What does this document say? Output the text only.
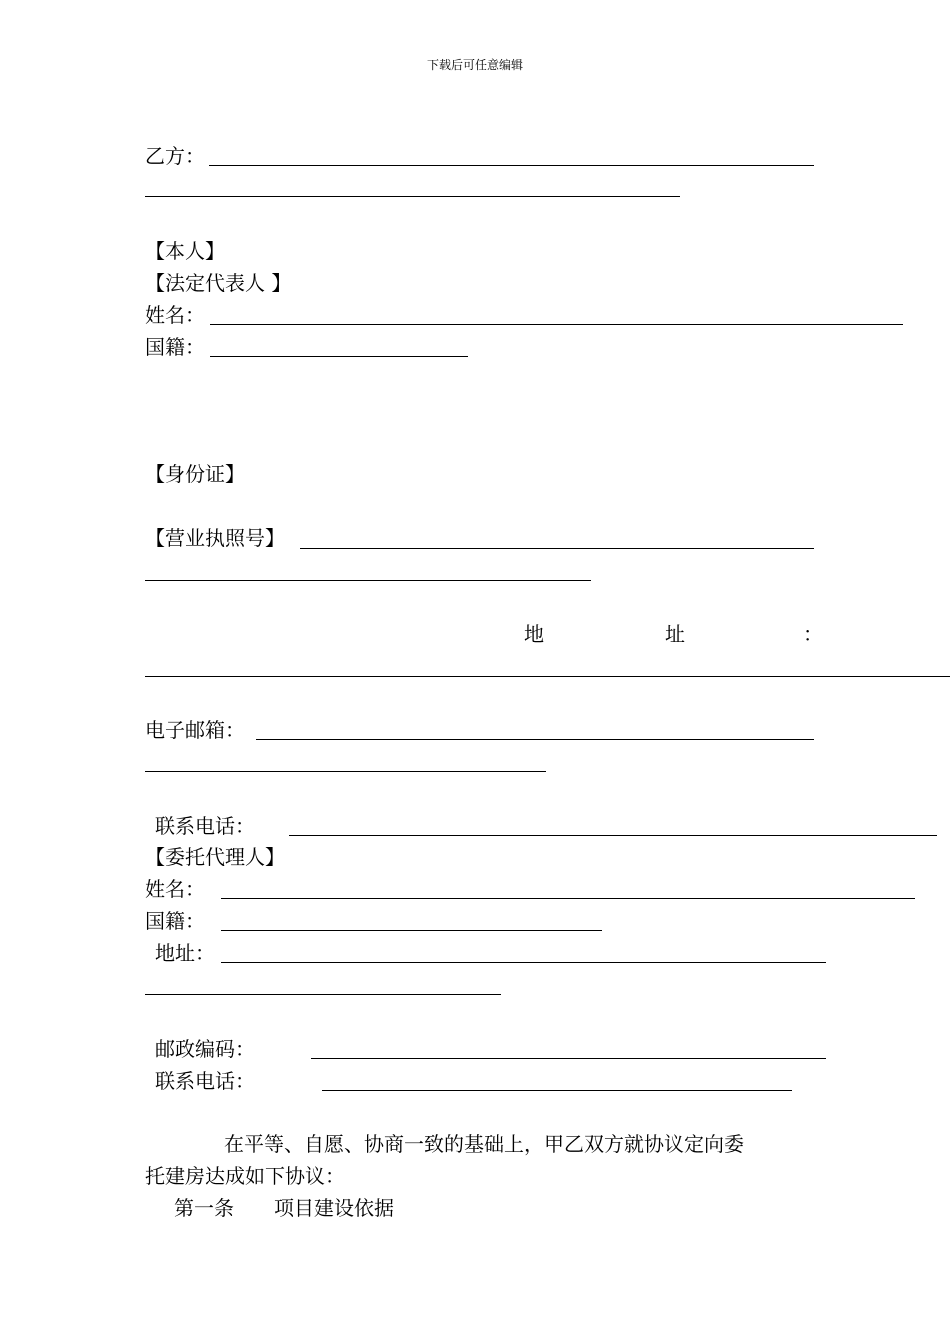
下载后可任意编辑
乙方：
【本人】
【法定代表人 】
姓名：
国籍：
【身份证】
【营业执照号】
地	址	：
电子邮箱：
联系电话：
【委托代理人】
姓名：
国籍：
地址：
邮政编码：
联系电话：
在平等、自愿、协商一致的基础上，甲乙双方就协议定向委
托建房达成如下协议：
第一条 项目建设依据
